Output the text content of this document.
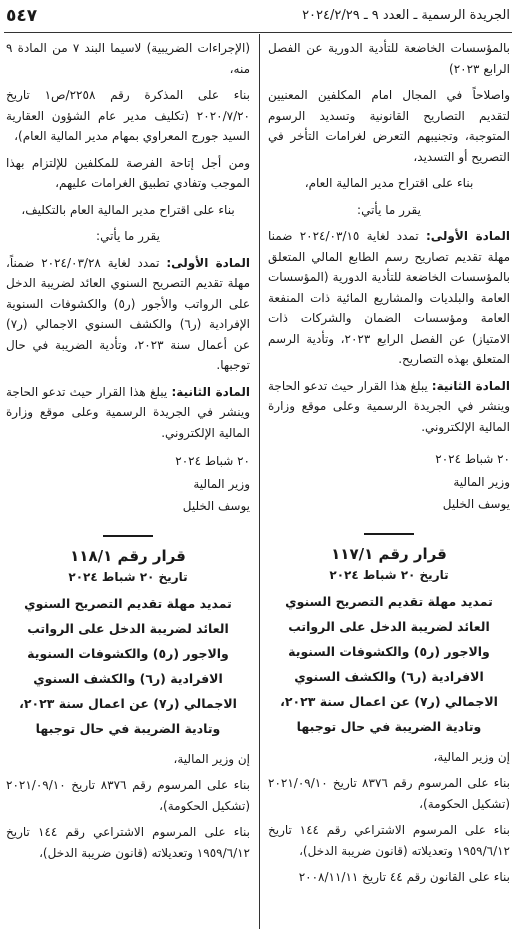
الجريدة الرسمية ـ العدد ٩ ـ ٢٠٢٤/٢/٢٩
٥٤٧

بالمؤسسات الخاضعة للتأدية الدورية عن الفصل الرابع ٢٠٢٣)

واصلاحاً في المجال امام المكلفين المعنيين لتقديم التصاريح القانونية وتسديد الرسوم المتوجبة، وتجنيبهم التعرض لغرامات التأخر في التصريح أو التسديد،

بناء على اقتراح مدير المالية العام،

يقرر ما يأتي:

المادة الأولى: تمدد لغاية ٢٠٢٤/٠٣/١٥ ضمنا مهلة تقديم تصاريح رسم الطابع المالي المتعلق بالمؤسسات الخاضعة للتأدية الدورية (المؤسسات العامة والبلديات والمشاريع المائية ذات المنفعة العامة ومؤسسات الضمان والشركات ذات الامتياز) عن الفصل الرابع ٢٠٢٣، وتأدية الرسم المتعلق بهذه التصاريح.

المادة الثانية: يبلغ هذا القرار حيث تدعو الحاجة وينشر في الجريدة الرسمية وعلى موقع وزارة المالية الإلكتروني.

٢٠ شباط ٢٠٢٤

وزير المالية

يوسف الخليل

قرار رقم ١١٧/١
تاريخ ٢٠ شباط ٢٠٢٤
تمديد مهلة تقديم التصريح السنوي العائد لضريبة الدخل على الرواتب والاجور (ر٥) والكشوفات السنوية الافرادية (ر٦) والكشف السنوي الاجمالي (ر٧) عن اعمال سنة ٢٠٢٣، وتادية الضريبة في حال توجبها

إن وزير المالية،

بناء على المرسوم رقم ٨٣٧٦ تاريخ ٢٠٢١/٠٩/١٠ (تشكيل الحكومة)،

بناء على المرسوم الاشتراعي رقم ١٤٤ تاريخ ١٩٥٩/٦/١٢ وتعديلاته (قانون ضريبة الدخل)،

بناء على القانون رقم ٤٤ تاريخ ٢٠٠٨/١١/١١

(الإجراءات الضريبية) لاسيما البند ٧ من المادة ٩ منه،

بناء على المذكرة رقم ٢٢٥٨/ص١ تاريخ ٢٠٢٠/٧/٢٠ (تكليف مدير عام الشؤون العقارية السيد جورج المعراوي بمهام مدير المالية العام)،

ومن أجل إتاحة الفرصة للمكلفين للإلتزام بهذا الموجب وتفادي تطبيق الغرامات عليهم،

بناء على اقتراح مدير المالية العام بالتكليف،

يقرر ما يأتي:

المادة الأولى: تمدد لغاية ٢٠٢٤/٠٣/٢٨ ضمناً، مهلة تقديم التصريح السنوي العائد لضريبة الدخل على الرواتب والأجور (ر٥) والكشوفات السنوية الإفرادية (ر٦) والكشف السنوي الاجمالي (ر٧) عن أعمال سنة ٢٠٢٣، وتأدية الضريبة في حال توجبها.

المادة الثانية: يبلغ هذا القرار حيث تدعو الحاجة وينشر في الجريدة الرسمية وعلى موقع وزارة المالية الإلكتروني.

٢٠ شباط ٢٠٢٤

وزير المالية

يوسف الخليل

قرار رقم ١١٨/١
تاريخ ٢٠ شباط ٢٠٢٤
تمديد مهلة تقديم التصريح السنوي العائد لضريبة الدخل على الرواتب والاجور (ر٥) والكشوفات السنوية الافرادية (ر٦) والكشف السنوي الاجمالي (ر٧) عن اعمال سنة ٢٠٢٣، وتادية الضريبة في حال توجبها

إن وزير المالية،

بناء على المرسوم رقم ٨٣٧٦ تاريخ ٢٠٢١/٠٩/١٠ (تشكيل الحكومة)،

بناء على المرسوم الاشتراعي رقم ١٤٤ تاريخ ١٩٥٩/٦/١٢ وتعديلاته (قانون ضريبة الدخل)،
